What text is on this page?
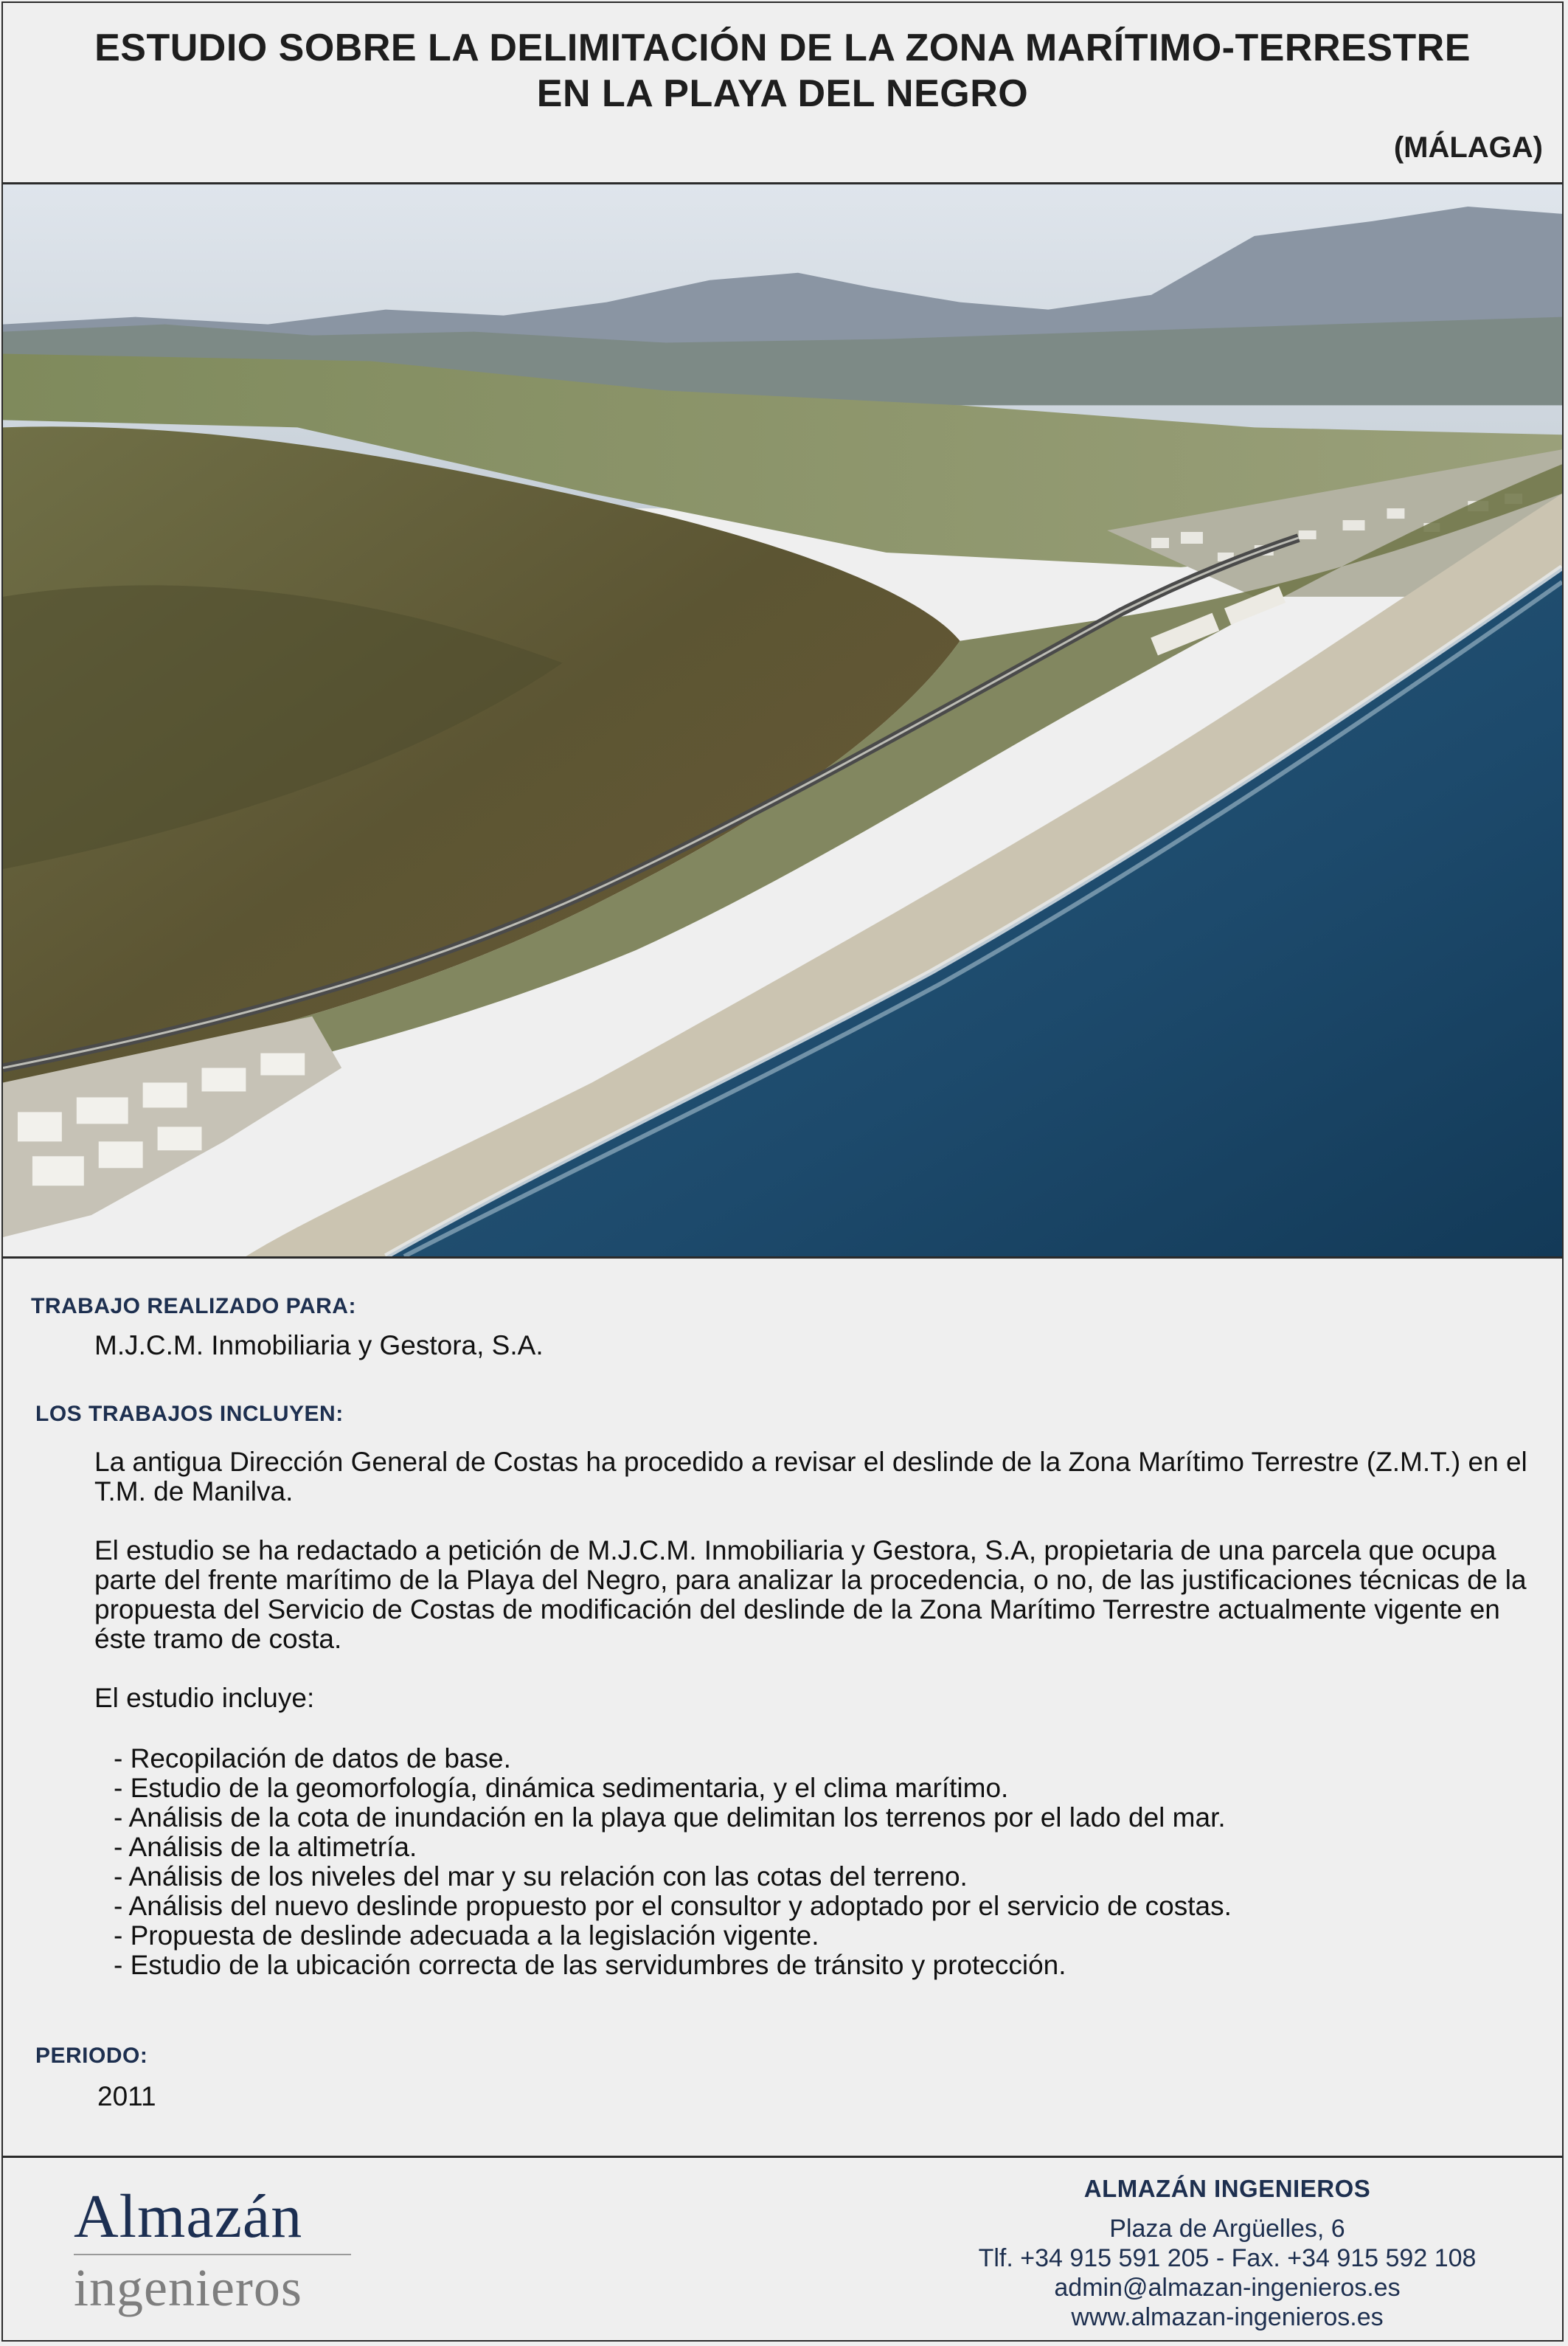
ESTUDIO SOBRE LA DELIMITACIÓN DE LA ZONA MARÍTIMO-TERRESTRE
EN LA PLAYA DEL NEGRO
(MÁLAGA)
TRABAJO REALIZADO PARA:
M.J.C.M. Inmobiliaria y Gestora, S.A.
LOS TRABAJOS INCLUYEN:

La antigua Dirección General de Costas ha procedido a revisar el deslinde de la Zona Marítimo Terrestre (Z.M.T.) en el T.M. de Manilva.

El estudio se ha redactado a petición de M.J.C.M. Inmobiliaria y Gestora, S.A, propietaria de una parcela que ocupa parte del frente marítimo de la Playa del Negro, para analizar la procedencia, o no, de las justificaciones técnicas de la propuesta del Servicio de Costas de modificación del deslinde de la Zona Marítimo Terrestre actualmente vigente en éste tramo de costa.

El estudio incluye:

- Recopilación de datos de base.
- Estudio de la geomorfología, dinámica sedimentaria, y el clima marítimo.
- Análisis de la cota de inundación en la playa que delimitan los terrenos por el lado del mar.
- Análisis de la altimetría.
- Análisis de los niveles del mar y su relación con las cotas del terreno.
- Análisis del nuevo deslinde propuesto por el consultor y adoptado por el servicio de costas.
- Propuesta de deslinde adecuada a la legislación vigente.
- Estudio de la ubicación correcta de las servidumbres de tránsito y protección.
PERIODO:
2011
Almazán
ingenieros
ALMAZÁN INGENIEROS
Plaza de Argüelles, 6
Tlf. +34 915 591 205 - Fax. +34 915 592 108
admin@almazan-ingenieros.es
www.almazan-ingenieros.es
